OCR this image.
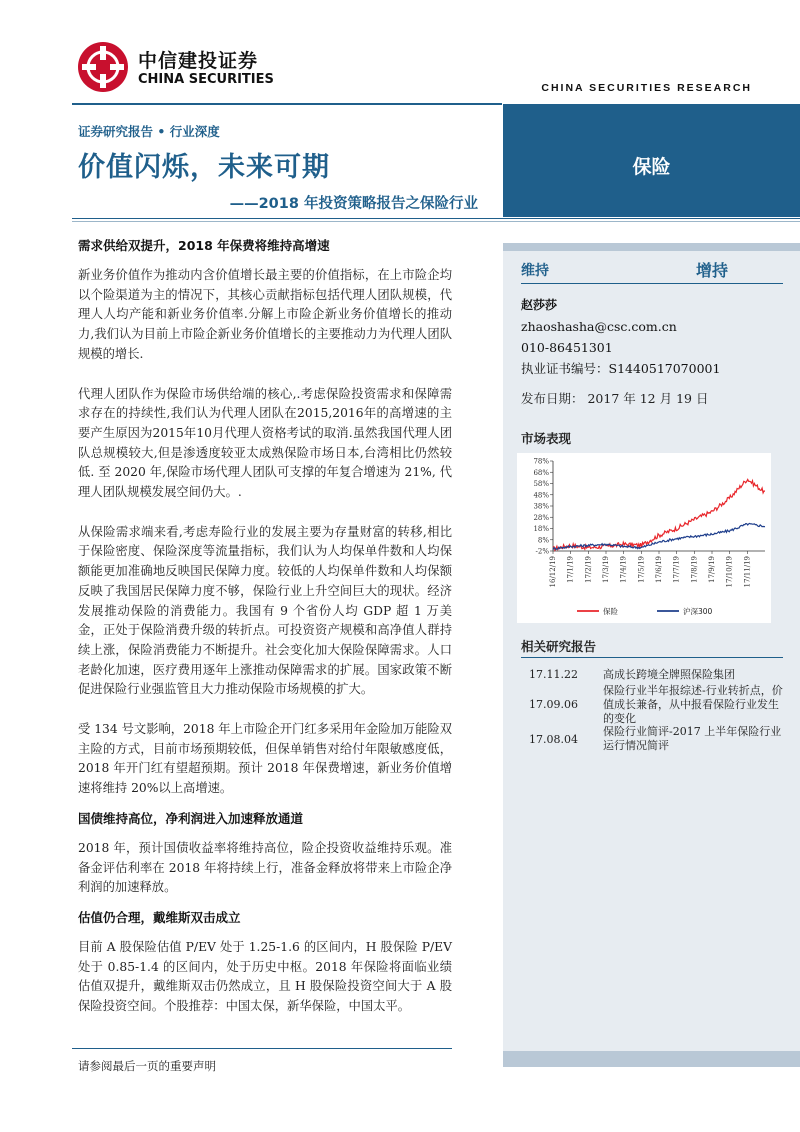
中信建投证券
CHINA SECURITIES
CHINA SECURITIES RESEARCH
保险
证券研究报告 • 行业深度
价值闪烁，未来可期
——2018 年投资策略报告之保险行业
需求供给双提升，2018 年保费将维持高增速

新业务价值作为推动内含价值增长最主要的价值指标，在上市险企均以个险渠道为主的情况下，其核心贡献指标包括代理人团队规模，代理人人均产能和新业务价值率.分解上市险企新业务价值增长的推动力,我们认为目前上市险企新业务价值增长的主要推动力为代理人团队规模的增长.

代理人团队作为保险市场供给端的核心,.考虑保险投资需求和保障需求存在的持续性,我们认为代理人团队在2015,2016年的高增速的主要产生原因为2015年10月代理人资格考试的取消.虽然我国代理人团队总规模较大,但是渗透度较亚太成熟保险市场日本,台湾相比仍然较低. 至 2020 年,保险市场代理人团队可支撑的年复合增速为 21%, 代理人团队规模发展空间仍大。.

从保险需求端来看,考虑寿险行业的发展主要为存量财富的转移,相比于保险密度、保险深度等流量指标，我们认为人均保单件数和人均保额能更加准确地反映国民保障力度。较低的人均保单件数和人均保额反映了我国居民保障力度不够，保险行业上升空间巨大的现状。经济发展推动保险的消费能力。我国有 9 个省份人均 GDP 超 1 万美金，正处于保险消费升级的转折点。可投资资产规模和高净值人群持续上涨，保险消费能力不断提升。社会变化加大保险保障需求。人口老龄化加速，医疗费用逐年上涨推动保障需求的扩展。国家政策不断促进保险行业强监管且大力推动保险市场规模的扩大。

受 134 号文影响，2018 年上市险企开门红多采用年金险加万能险双主险的方式，目前市场预期较低，但保单销售对给付年限敏感度低，2018 年开门红有望超预期。预计 2018 年保费增速，新业务价值增速将维持 20%以上高增速。

国债维持高位，净利润进入加速释放通道

2018 年，预计国债收益率将维持高位，险企投资收益维持乐观。准备金评估利率在 2018 年将持续上行，准备金释放将带来上市险企净利润的加速释放。

估值仍合理，戴维斯双击成立

目前 A 股保险估值 P/EV 处于 1.25-1.6 的区间内，H 股保险 P/EV 处于 0.85-1.4 的区间内，处于历史中枢。2018 年保险将面临业绩估值双提升，戴维斯双击仍然成立，且 H 股保险投资空间大于 A 股保险投资空间。个股推荐：中国太保，新华保险，中国太平。

请参阅最后一页的重要声明
维持	增持
赵莎莎
zhaoshasha@csc.com.cn
010-86451301
执业证书编号：S1440517070001
发布日期： 2017 年 12 月 19 日
市场表现
-2%
8%
18%
28%
38%
48%
58%
68%
78%
16/12/19 17/1/19 17/2/19 17/3/19 17/4/19 17/5/19 17/6/19 17/7/19 17/8/19 17/9/19 17/10/19 17/11/19
保险	沪深300
相关研究报告
17.11.22 高成长跨境全牌照保险集团
17.09.06
保险行业半年报综述-行业转折点，价值成长兼备，从中报看保险行业发生的变化
17.08.04
保险行业简评-2017 上半年保险行业运行情况简评
